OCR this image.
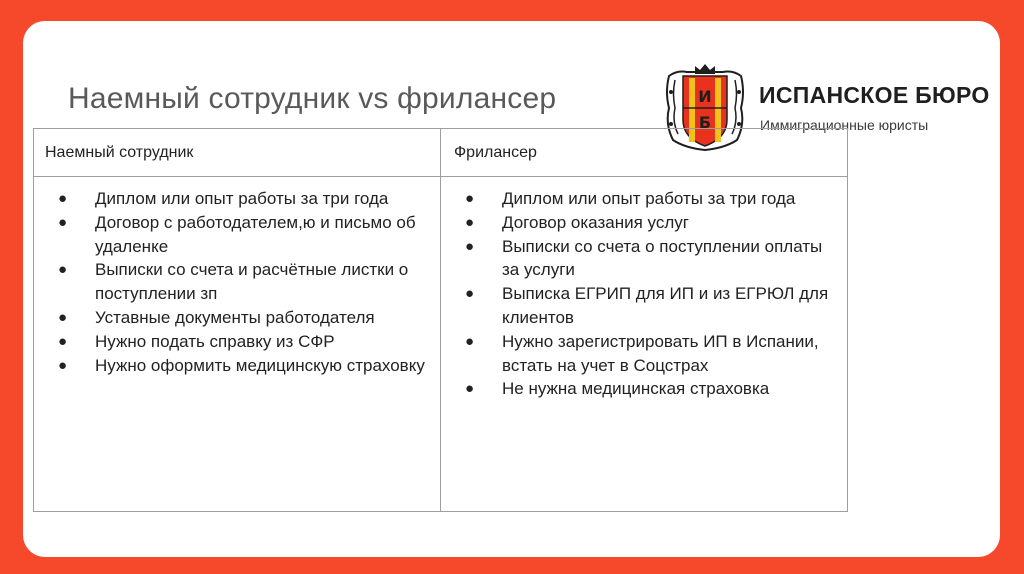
Наемный сотрудник vs фрилансер	И
Б
ИСПАНСКОЕ БЮРО
Иммиграционные юристы
Наемный сотрудник	Фрилансер
● Диплом или опыт работы за три года
● Договор с работодателем,ю и письмо об удаленке
● Выписки со счета и расчётные листки о поступлении зп
● Уставные документы работодателя
● Нужно подать справку из СФР
● Нужно оформить медицинскую страховку
● Диплом или опыт работы за три года
● Договор оказания услуг
● Выписки со счета о поступлении оплаты за услуги
● Выписка ЕГРИП для ИП и из ЕГРЮЛ для клиентов
● Нужно зарегистрировать ИП в Испании, встать на учет в Соцстрах
● Не нужна медицинская страховка
